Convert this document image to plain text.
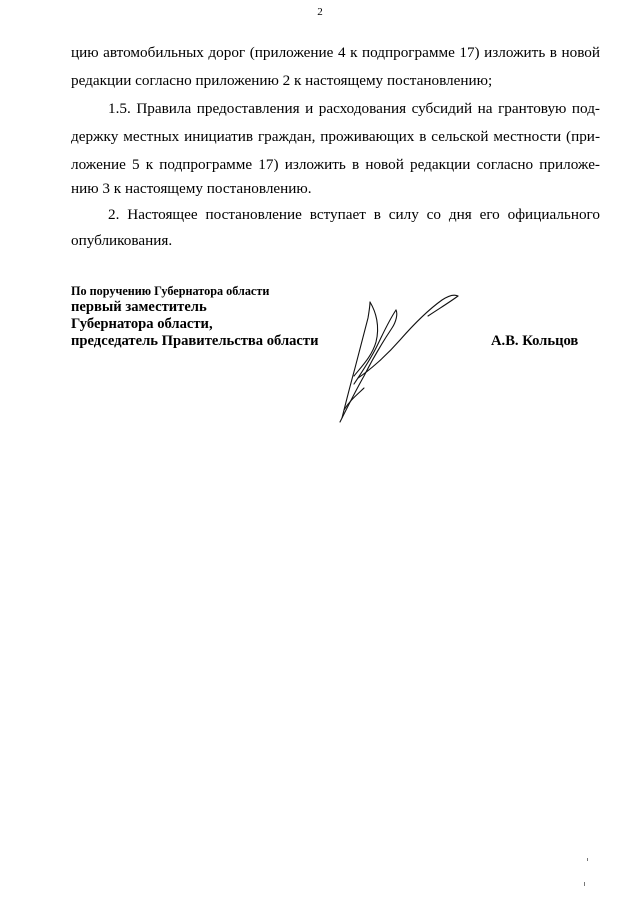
2
цию автомобильных дорог (приложение 4 к подпрограмме 17) изложить в новой
редакции согласно приложению 2 к настоящему постановлению;
1.5. Правила предоставления и расходования субсидий на грантовую под-
держку местных инициатив граждан, проживающих в сельской местности (при-
ложение 5 к подпрограмме 17) изложить в новой редакции согласно приложе-
нию 3 к настоящему постановлению.
2. Настоящее постановление вступает в силу со дня его официального
опубликования.
По поручению Губернатора области
первый заместитель
Губернатора области,
председатель Правительства области	А.В. Кольцов
